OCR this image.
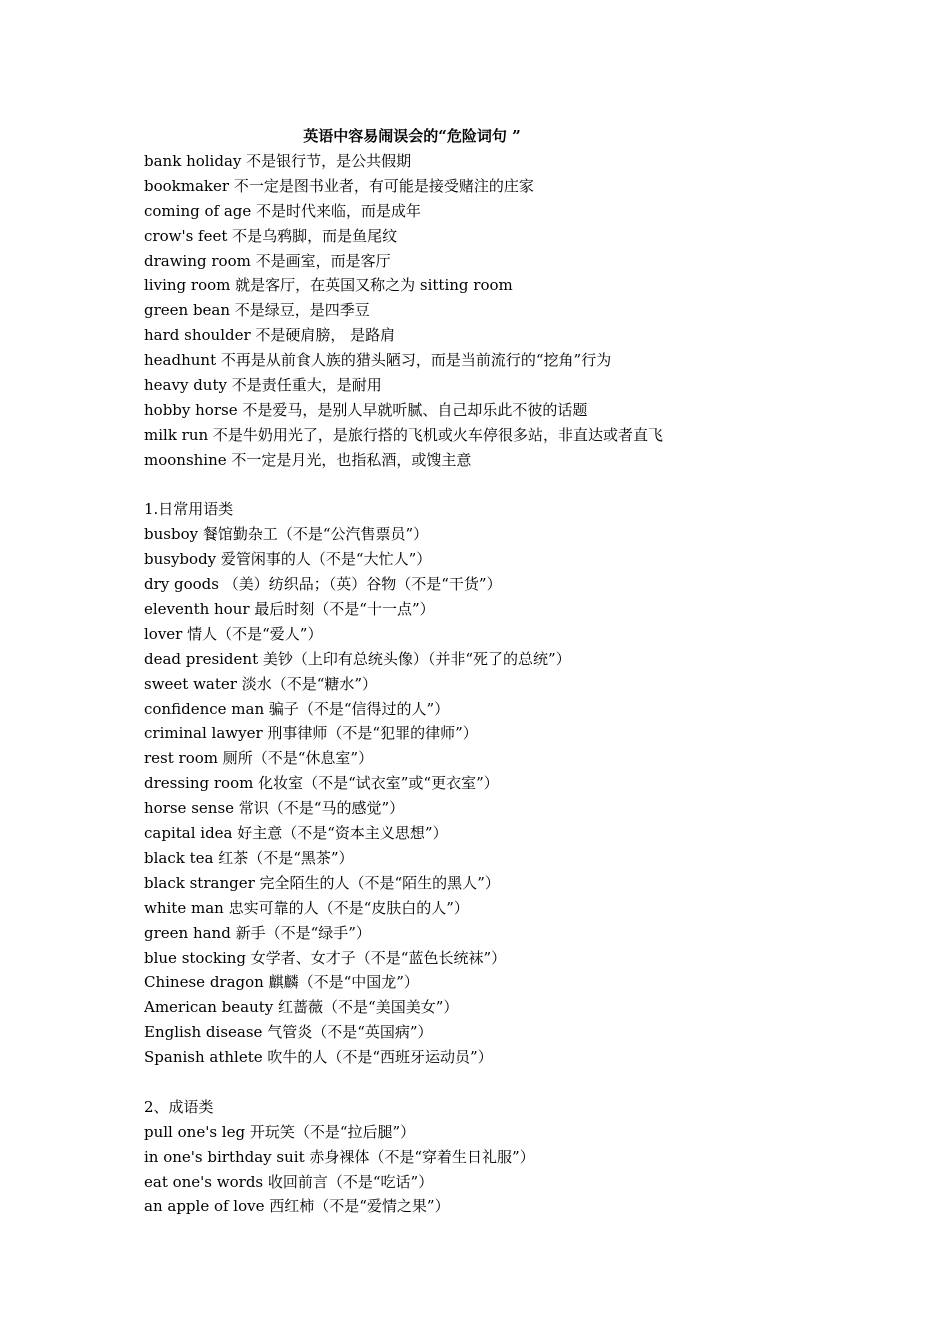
英语中容易闹误会的“危险词句 ”
bank holiday 不是银行节，是公共假期
bookmaker 不一定是图书业者，有可能是接受赌注的庄家
coming of age 不是时代来临，而是成年
crow's feet 不是乌鸦脚，而是鱼尾纹
drawing room 不是画室，而是客厅
living room 就是客厅，在英国又称之为 sitting room
green bean 不是绿豆，是四季豆
hard shoulder 不是硬肩膀， 是路肩
headhunt 不再是从前食人族的猎头陋习，而是当前流行的“挖角”行为
heavy duty 不是责任重大，是耐用
hobby horse 不是爱马，是别人早就听腻、自己却乐此不彼的话题
milk run 不是牛奶用光了，是旅行搭的飞机或火车停很多站，非直达或者直飞
moonshine 不一定是月光，也指私酒，或馊主意
1.日常用语类
busboy 餐馆勤杂工（不是“公汽售票员”）
busybody 爱管闲事的人（不是“大忙人”）
dry goods （美）纺织品；（英）谷物（不是“干货”）
eleventh hour 最后时刻（不是“十一点”）
lover 情人（不是“爱人”）
dead president 美钞（上印有总统头像）（并非“死了的总统”）
sweet water 淡水（不是“糖水”）
confidence man 骗子（不是“信得过的人”）
criminal lawyer 刑事律师（不是“犯罪的律师”）
rest room 厕所（不是“休息室”）
dressing room 化妆室（不是“试衣室”或“更衣室”）
horse sense 常识（不是“马的感觉”）
capital idea 好主意（不是“资本主义思想”）
black tea 红茶（不是“黑茶”）
black stranger 完全陌生的人（不是“陌生的黑人”）
white man 忠实可靠的人（不是“皮肤白的人”）
green hand 新手（不是“绿手”）
blue stocking 女学者、女才子（不是“蓝色长统袜”）
Chinese dragon 麒麟（不是“中国龙”）
American beauty 红蔷薇（不是“美国美女”）
English disease 气管炎（不是“英国病”）
Spanish athlete 吹牛的人（不是“西班牙运动员”）
2、成语类
pull one's leg 开玩笑（不是“拉后腿”）
in one's birthday suit 赤身裸体（不是“穿着生日礼服”）
eat one's words 收回前言（不是“吃话”）
an apple of love 西红柿（不是“爱情之果”）
